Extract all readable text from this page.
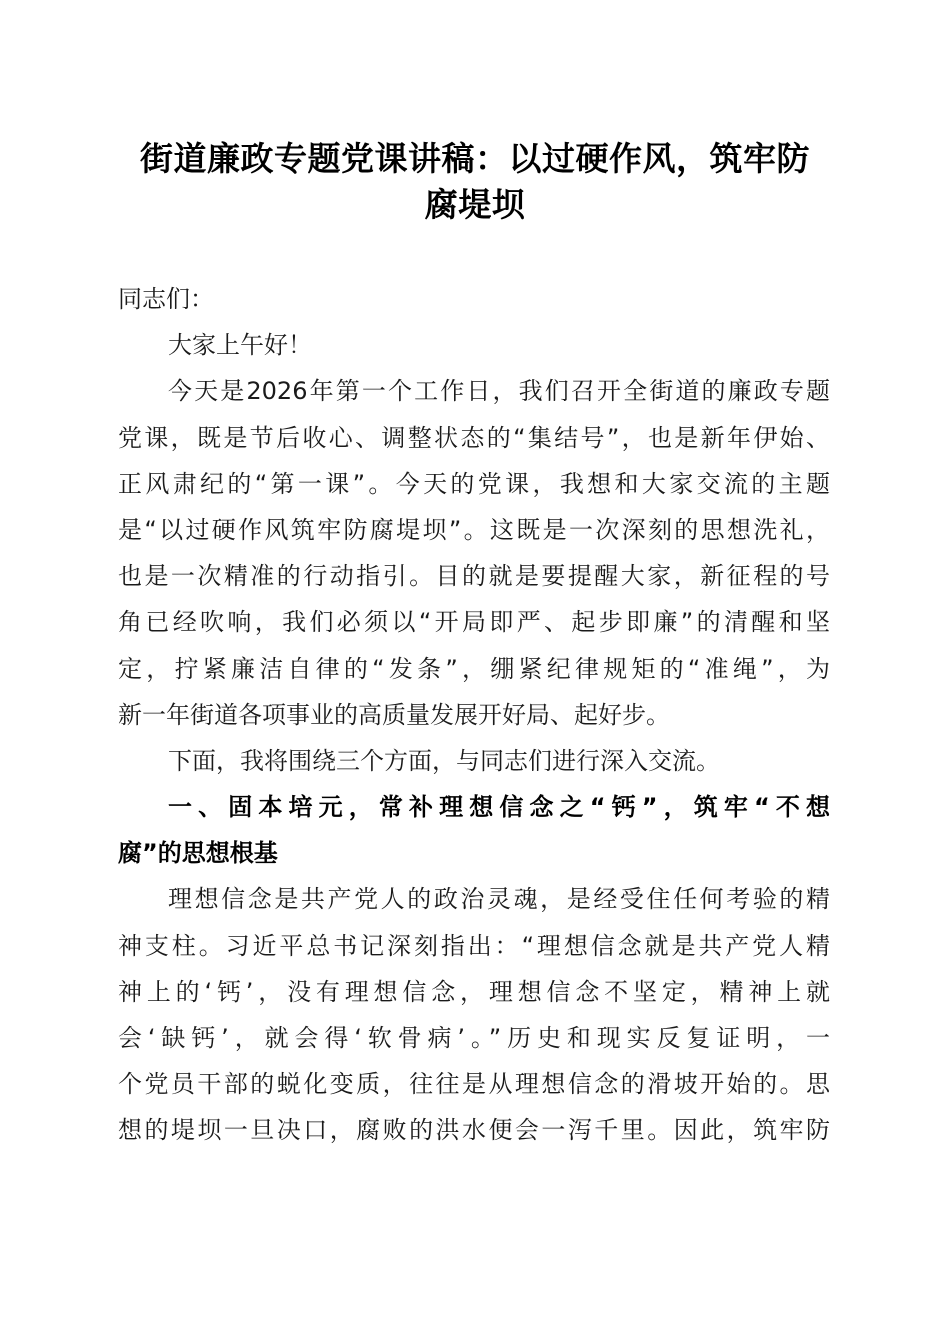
街道廉政专题党课讲稿：以过硬作风，筑牢防
腐堤坝
同志们：
大家上午好！
今天是2026年第一个工作日，我们召开全街道的廉政专题
党课，既是节后收心、调整状态的“集结号”，也是新年伊始、
正风肃纪的“第一课”。今天的党课，我想和大家交流的主题
是“以过硬作风筑牢防腐堤坝”。这既是一次深刻的思想洗礼，
也是一次精准的行动指引。目的就是要提醒大家，新征程的号
角已经吹响，我们必须以“开局即严、起步即廉”的清醒和坚
定，拧紧廉洁自律的“发条”，绷紧纪律规矩的“准绳”，为
新一年街道各项事业的高质量发展开好局、起好步。
下面，我将围绕三个方面，与同志们进行深入交流。
一、固本培元，常补理想信念之“钙”，筑牢“不想
腐”的思想根基
理想信念是共产党人的政治灵魂，是经受住任何考验的精
神支柱。习近平总书记深刻指出：“理想信念就是共产党人精
神上的‘钙’，没有理想信念，理想信念不坚定，精神上就
会‘缺钙’，就会得‘软骨病’。”历史和现实反复证明，一
个党员干部的蜕化变质，往往是从理想信念的滑坡开始的。思
想的堤坝一旦决口，腐败的洪水便会一泻千里。因此，筑牢防
